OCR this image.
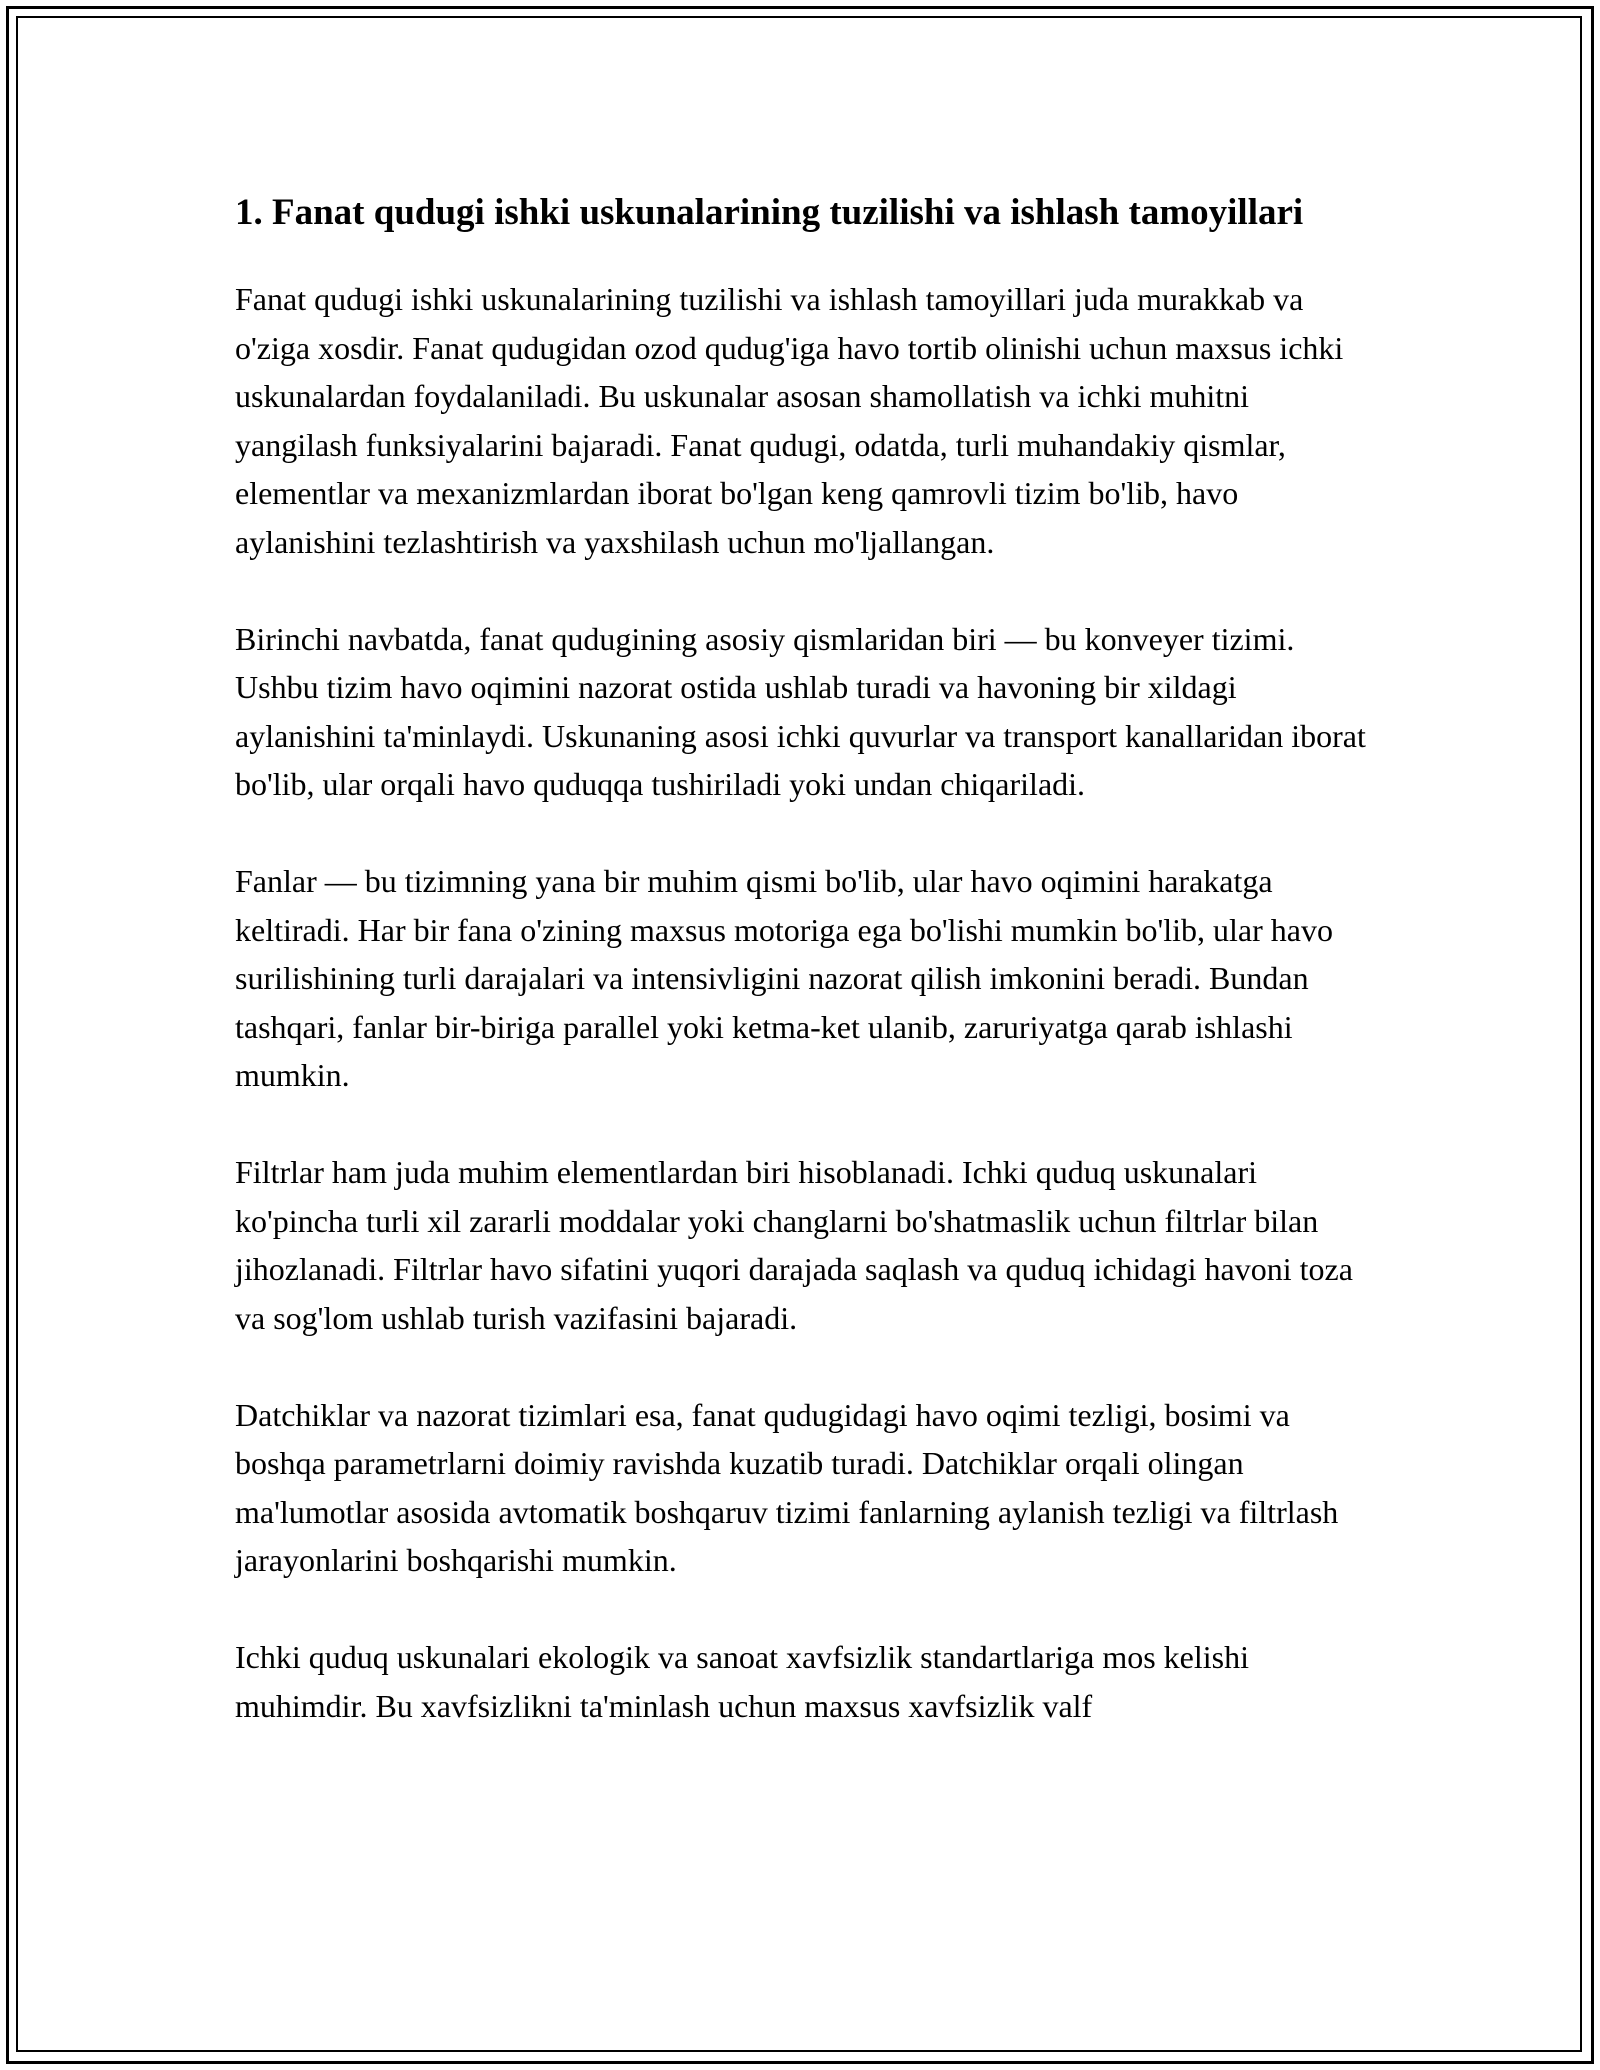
1. Fanat qudugi ishki uskunalarining tuzilishi va ishlash tamoyillari

Fanat qudugi ishki uskunalarining tuzilishi va ishlash tamoyillari juda murakkab va o'ziga xosdir. Fanat qudugidan ozod qudug'iga havo tortib olinishi uchun maxsus ichki uskunalardan foydalaniladi. Bu uskunalar asosan shamollatish va ichki muhitni yangilash funksiyalarini bajaradi. Fanat qudugi, odatda, turli muhandakiy qismlar, elementlar va mexanizmlardan iborat bo'lgan keng qamrovli tizim bo'lib, havo aylanishini tezlashtirish va yaxshilash uchun mo'ljallangan.

Birinchi navbatda, fanat qudugining asosiy qismlaridan biri — bu konveyer tizimi. Ushbu tizim havo oqimini nazorat ostida ushlab turadi va havoning bir xildagi aylanishini ta'minlaydi. Uskunaning asosi ichki quvurlar va transport kanallaridan iborat bo'lib, ular orqali havo quduqqa tushiriladi yoki undan chiqariladi.

Fanlar — bu tizimning yana bir muhim qismi bo'lib, ular havo oqimini harakatga keltiradi. Har bir fana o'zining maxsus motoriga ega bo'lishi mumkin bo'lib, ular havo surilishining turli darajalari va intensivligini nazorat qilish imkonini beradi. Bundan tashqari, fanlar bir-biriga parallel yoki ketma-ket ulanib, zaruriyatga qarab ishlashi mumkin.

Filtrlar ham juda muhim elementlardan biri hisoblanadi. Ichki quduq uskunalari ko'pincha turli xil zararli moddalar yoki changlarni bo'shatmaslik uchun filtrlar bilan jihozlanadi. Filtrlar havo sifatini yuqori darajada saqlash va quduq ichidagi havoni toza va sog'lom ushlab turish vazifasini bajaradi.

Datchiklar va nazorat tizimlari esa, fanat qudugidagi havo oqimi tezligi, bosimi va boshqa parametrlarni doimiy ravishda kuzatib turadi. Datchiklar orqali olingan ma'lumotlar asosida avtomatik boshqaruv tizimi fanlarning aylanish tezligi va filtrlash jarayonlarini boshqarishi mumkin.

Ichki quduq uskunalari ekologik va sanoat xavfsizlik standartlariga mos kelishi muhimdir. Bu xavfsizlikni ta'minlash uchun maxsus xavfsizlik valf
